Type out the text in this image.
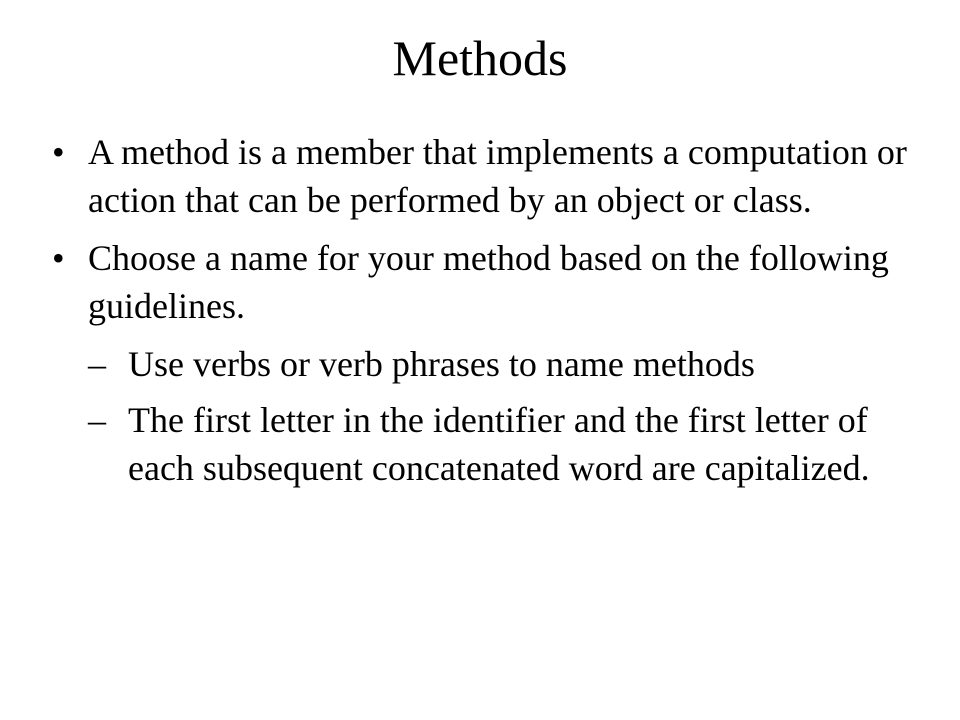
Methods
• A method is a member that implements a computation or action that can be performed by an object or class.
• Choose a name for your method based on the following guidelines.
– Use verbs or verb phrases to name methods
– The first letter in the identifier and the first letter of each subsequent concatenated word are capitalized.
